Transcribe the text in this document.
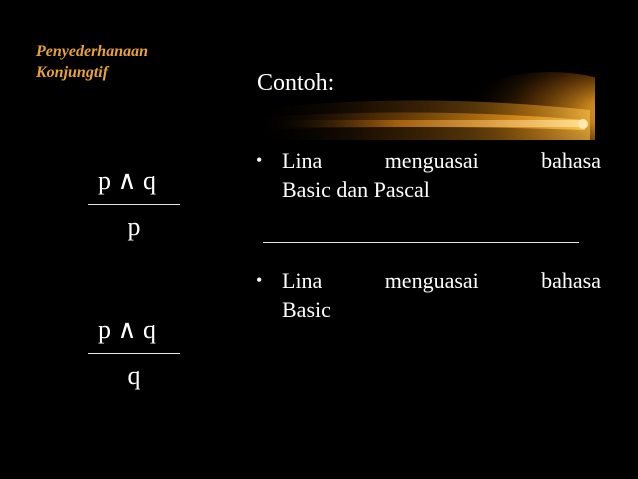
Penyederhanaan
Konjungtif	Contoh:
• Lina	menguasai	bahasa
Basic dan Pascal
• Lina	menguasai	bahasa
Basic
p ∧ q
p
p ∧ q
q
